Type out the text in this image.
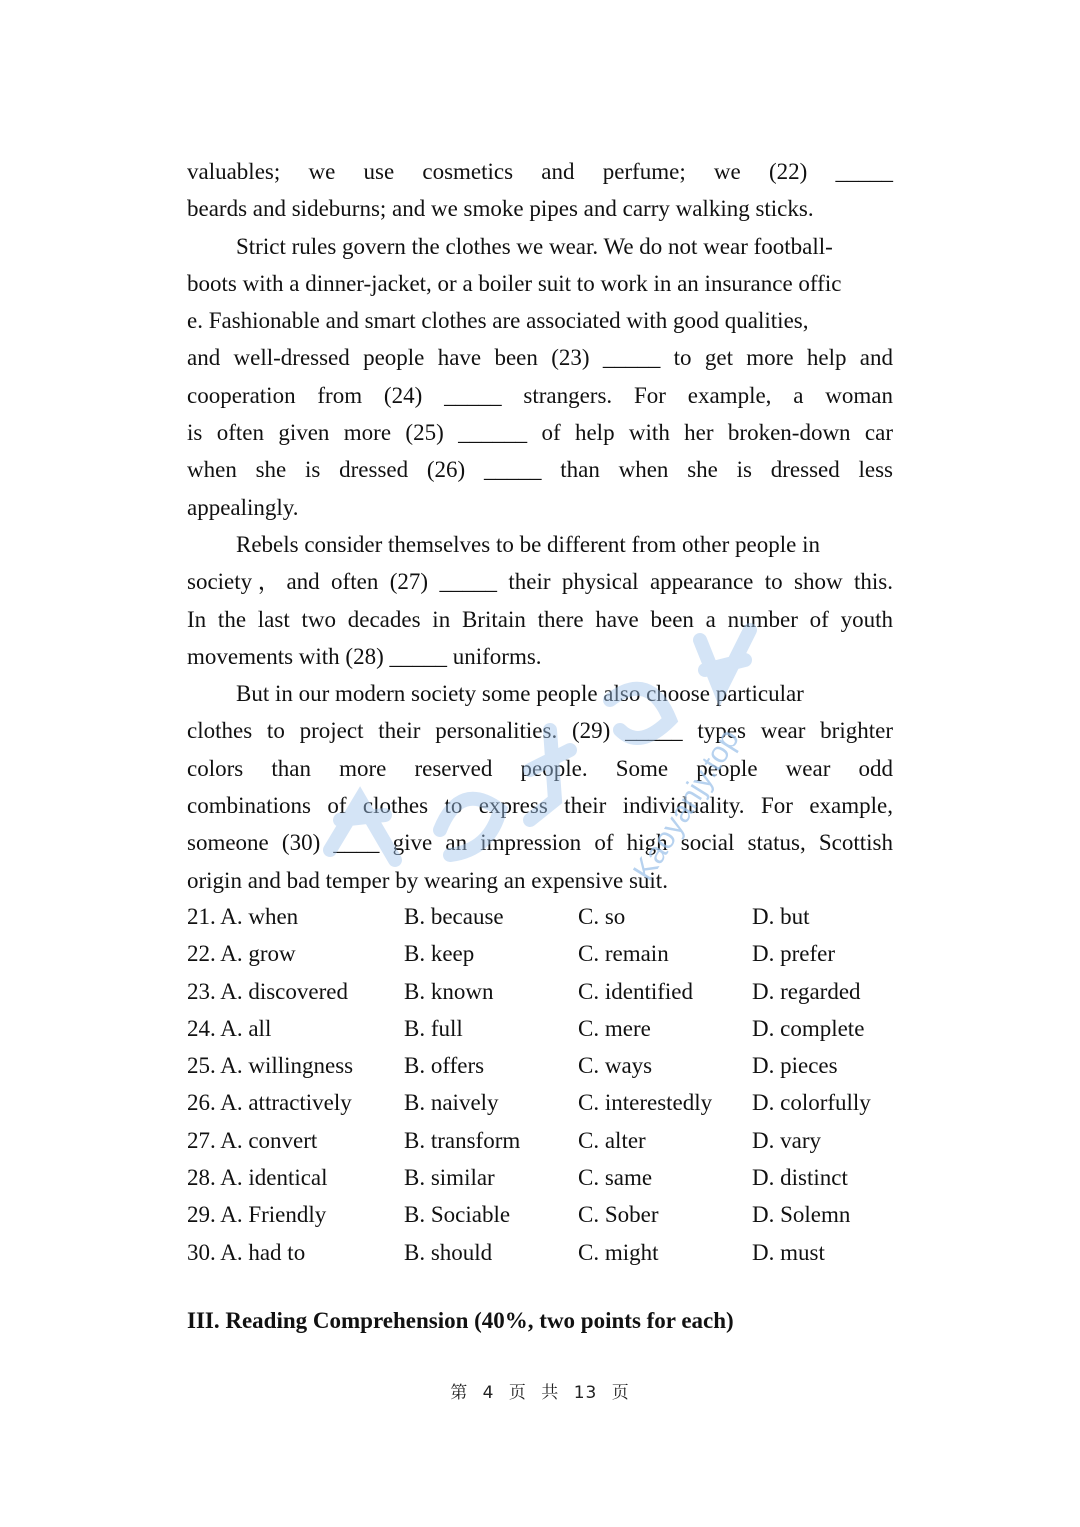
valuables; we use cosmetics and perfume; we (22) _____
beards and sideburns; and we smoke pipes and carry walking sticks.
Strict rules govern the clothes we wear. We do not wear football-
boots with a dinner-jacket, or a boiler suit to work in an insurance offic
e. Fashionable and smart clothes are associated with good qualities,
and well-dressed people have been (23) _____ to get more help and
cooperation from (24) _____ strangers. For example, a woman
is often given more (25) ______ of help with her broken-down car
when she is dressed (26) _____ than when she is dressed less
appealingly.
Rebels consider themselves to be different from other people in
society，and often (27) _____ their physical appearance to show this.
In the last two decades in Britain there have been a number of youth
movements with (28) _____ uniforms.
But in our modern society some people also choose particular
clothes to project their personalities. (29) _____ types wear brighter
colors than more reserved people. Some people wear odd
combinations of clothes to express their individuality. For example,
someone (30) ____ give an impression of high social status, Scottish
origin and bad temper by wearing an expensive suit.
21. A. when	B. because	C. so	D. but
22. A. grow	B. keep	C. remain	D. prefer
23. A. discovered B. known	C. identified	D. regarded
24. A. all	B. full	C. mere	D. complete
25. A. willingness B. offers	C. ways	D. pieces
26. A. attractively B. naively	C. interestedly D. colorfully
27. A. convert	B. transform	C. alter	D. vary
28. A. identical	B. similar	C. same	D. distinct
29. A. Friendly	B. Sociable	C. Sober	D. Solemn
30. A. had to	B. should	C. might	D. must
III. Reading Comprehension (40%, two points for each)
第 4 页 共 13 页
Kaoyanjy.top
